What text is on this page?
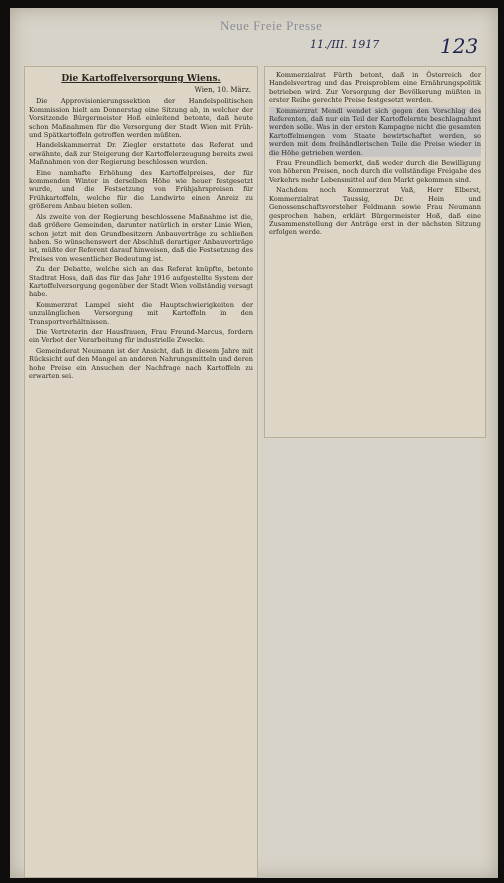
Neue Freie Presse
11./III. 1917	123
Die Kartoffelversorgung Wiens.
Wien, 10. März.

Die Approvisionierungssektion der Handelspolitischen Kommission hielt am Donnerstag eine Sitzung ab, in welcher der Vorsitzende Bürgermeister Hoß einleitend betonte, daß heute schon Maßnahmen für die Versorgung der Stadt Wien mit Früh- und Spätkartoffeln getroffen werden müßten.

Handelskammerrat Dr. Ziegler erstattete das Referat und erwähnte, daß zur Steigerung der Kartoffelerzeugung bereits zwei Maßnahmen von der Regierung beschlossen wurden.

Eine namhafte Erhöhung des Kartoffelpreises, der für kommenden Winter in derselben Höhe wie heuer festgesetzt wurde, und die Festsetzung von Frühjahrspreisen für Frühkartoffeln, welche für die Landwirte einen Anreiz zu größerem Anbau bieten sollen.

Als zweite von der Regierung beschlossene Maßnahme ist die, daß größere Gemeinden, darunter natürlich in erster Linie Wien, schon jetzt mit den Grundbesitzern Anbauverträge zu schließen haben. So wünschenswert der Abschluß derartiger Anbauverträge ist, müßte der Referent darauf hinweisen, daß die Festsetzung des Preises von wesentlicher Bedeutung ist.

Zu der Debatte, welche sich an das Referat knüpfte, betonte Stadtrat Hoss, daß das für das Jahr 1916 aufgestellte System der Kartoffelversorgung gegenüber der Stadt Wien vollständig versagt habe.

Kommerzrat Lampel sieht die Hauptschwierigkeiten der unzulänglichen Versorgung mit Kartoffeln in den Transportverhältnissen.

Die Vertreterin der Hausfrauen, Frau Freund-Marcus, fordern ein Verbot der Verarbeitung für industrielle Zwecke.

Gemeinderat Neumann ist der Ansicht, daß in diesem Jahre mit Rücksicht auf den Mangel an anderen Nahrungsmitteln und deren hohe Preise ein Ansuchen der Nachfrage nach Kartoffeln zu erwarten sei.

Kommerzialrat Fürth betont, daß in Österreich der Handelsvertrag und das Preisproblem eine Ernährungspolitik betrieben wird. Zur Versorgung der Bevölkerung müßten in erster Reihe gerechte Preise festgesetzt werden.

Kommerzrat Mendl wendet sich gegen den Vorschlag des Referenten, daß nur ein Teil der Kartoffelernte beschlagnahmt werden solle. Was in der ersten Kampagne nicht die gesamten Kartoffelmengen vom Staate bewirtschaftet werden, so werden mit dem freihändlerischen Teile die Preise wieder in die Höhe getrieben werden.

Frau Freundlich bemerkt, daß weder durch die Bewilligung von höheren Preisen, noch durch die vollständige Freigabe des Verkehrs mehr Lebensmittel auf den Markt gekommen sind.

Nachdem noch Kommerzrat Vaß, Herr Elberst, Kommerzialrat Taussig, Dr. Hein und Genossenschaftsvorsteher Feldmann sowie Frau Neumann gesprochen haben, erklärt Bürgermeister Hoß, daß eine Zusammenstellung der Anträge erst in der nächsten Sitzung erfolgen werde.
